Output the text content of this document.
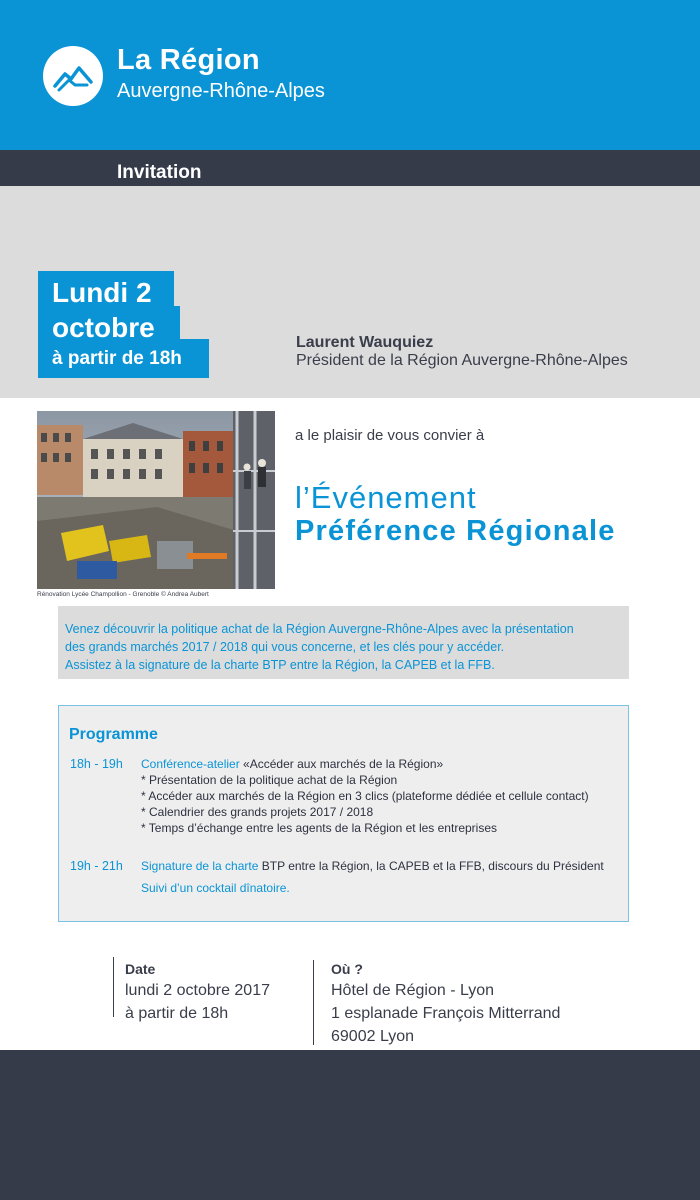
La Région
Auvergne-Rhône-Alpes
Invitation
Lundi 2
octobre
à partir de 18h
Laurent Wauquiez
Président de la Région Auvergne-Rhône-Alpes
Rénovation Lycée Champollion - Grenoble © Andrea Aubert
a le plaisir de vous convier à
l’Événement
Préférence Régionale

Venez découvrir la politique achat de la Région Auvergne-Rhône-Alpes avec la présentation

des grands marchés 2017 / 2018 qui vous concerne, et les clés pour y accéder.

Assistez à la signature de la charte BTP entre la Région, la CAPEB et la FFB.

Programme
18h - 19h Conférence-atelier «Accéder aux marchés de la Région»
* Présentation de la politique achat de la Région
* Accéder aux marchés de la Région en 3 clics (plateforme dédiée et cellule contact)
* Calendrier des grands projets 2017 / 2018
* Temps d’échange entre les agents de la Région et les entreprises
19h - 21h Signature de la charte BTP entre la Région, la CAPEB et la FFB, discours du Président
Suivi d’un cocktail dînatoire.
Date
lundi 2 octobre 2017
à partir de 18h
Où ?
Hôtel de Région - Lyon
1 esplanade François Mitterrand
69002 Lyon
